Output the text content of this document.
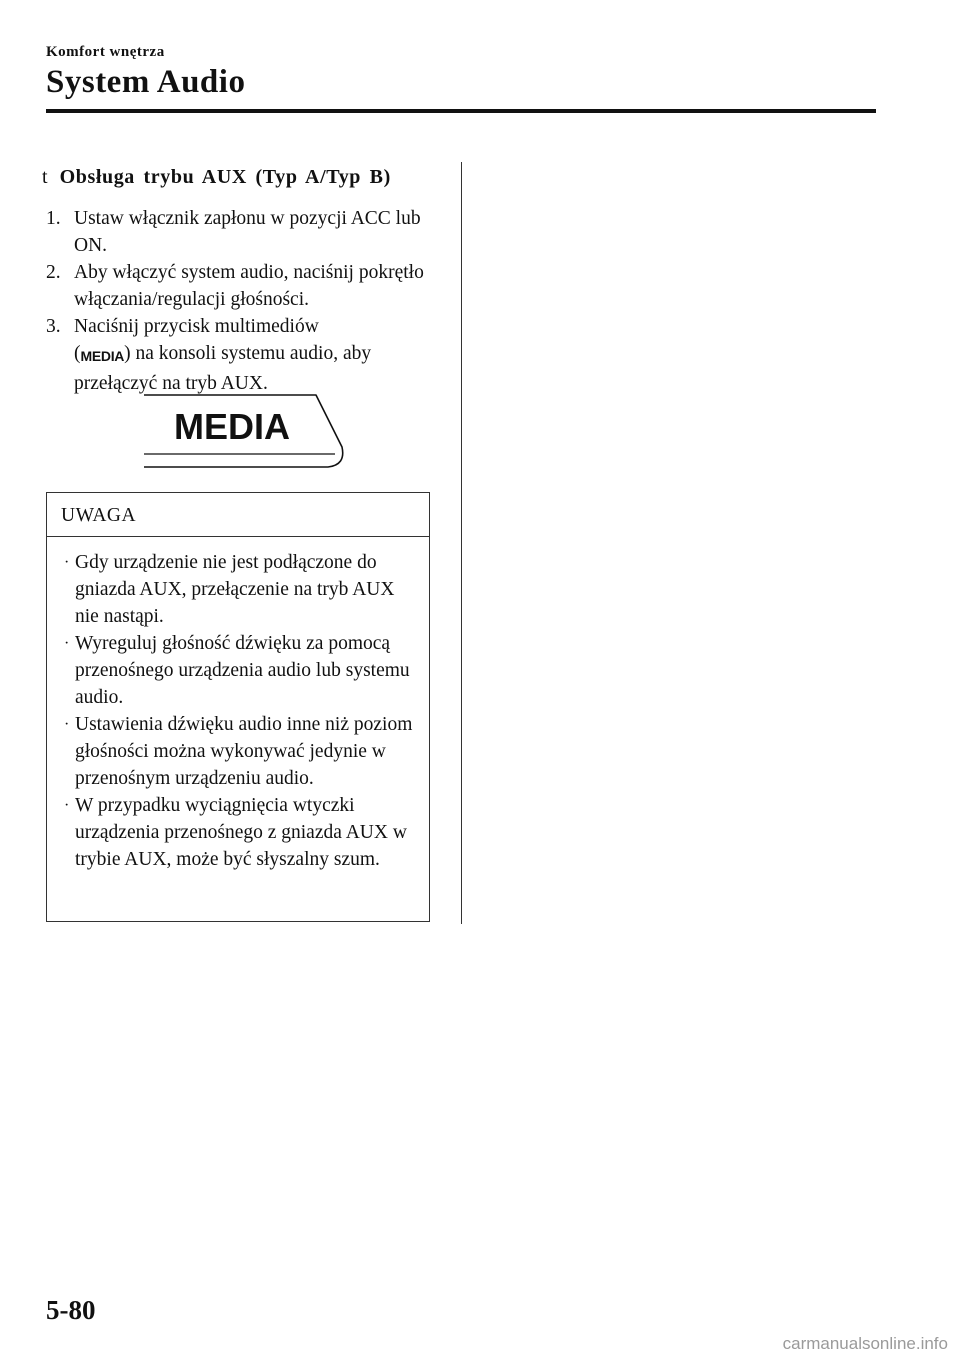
Komfort wnętrza
System Audio
t Obsługa trybu AUX (Typ A/Typ B)
1. Ustaw włącznik zapłonu w pozycji ACC lub ON.
2. Aby włączyć system audio, naciśnij pokrętło włączania/regulacji głośności.
3. Naciśnij przycisk multimediów
(MEDIA) na konsoli systemu audio, aby przełączyć na tryb AUX.
MEDIA
UWAGA
· Gdy urządzenie nie jest podłączone do gniazda AUX, przełączenie na tryb AUX nie nastąpi.
· Wyreguluj głośność dźwięku za pomocą przenośnego urządzenia audio lub systemu audio.
· Ustawienia dźwięku audio inne niż poziom głośności można wykonywać jedynie w przenośnym urządzeniu audio.
· W przypadku wyciągnięcia wtyczki urządzenia przenośnego z gniazda AUX w trybie AUX, może być słyszalny szum.
5-80
carmanualsonline.info
